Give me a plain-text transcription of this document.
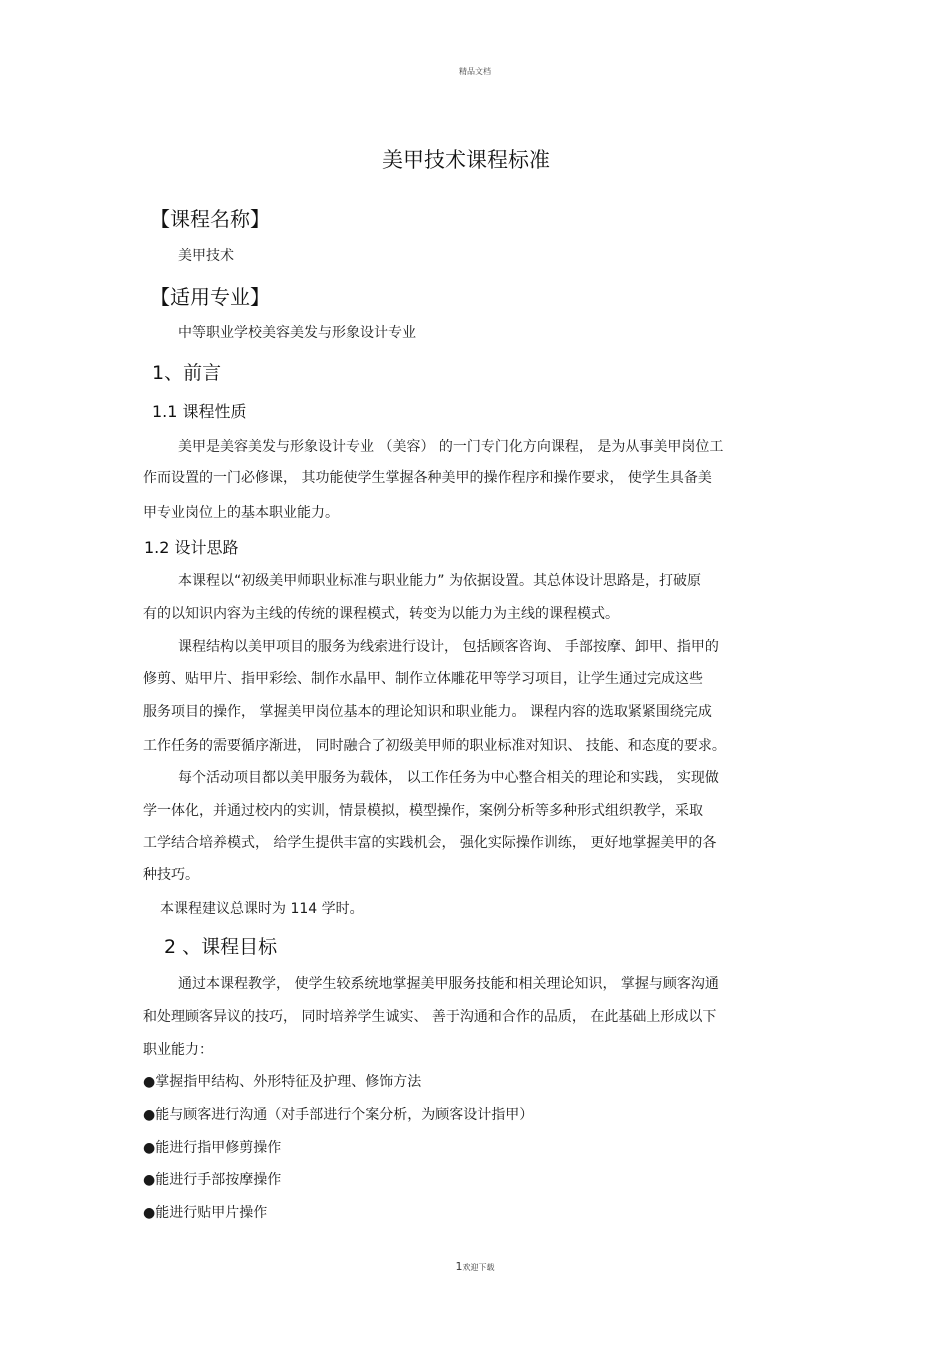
精品文档
美甲技术课程标准
【课程名称】
美甲技术
【适用专业】
中等职业学校美容美发与形象设计专业
1、前言
1.1 课程性质
美甲是美容美发与形象设计专业 （美容） 的一门专门化方向课程， 是为从事美甲岗位工
作而设置的一门必修课， 其功能使学生掌握各种美甲的操作程序和操作要求， 使学生具备美
甲专业岗位上的基本职业能力。
1.2 设计思路
本课程以“初级美甲师职业标准与职业能力” 为依据设置。其总体设计思路是，打破原
有的以知识内容为主线的传统的课程模式，转变为以能力为主线的课程模式。
课程结构以美甲项目的服务为线索进行设计， 包括顾客咨询、 手部按摩、卸甲、指甲的
修剪、贴甲片、指甲彩绘、制作水晶甲、制作立体雕花甲等学习项目，让学生通过完成这些
服务项目的操作， 掌握美甲岗位基本的理论知识和职业能力。 课程内容的选取紧紧围绕完成
工作任务的需要循序渐进， 同时融合了初级美甲师的职业标准对知识、 技能、和态度的要求。
每个活动项目都以美甲服务为载体， 以工作任务为中心整合相关的理论和实践， 实现做
学一体化，并通过校内的实训，情景模拟，模型操作，案例分析等多种形式组织教学，采取
工学结合培养模式， 给学生提供丰富的实践机会， 强化实际操作训练， 更好地掌握美甲的各
种技巧。
本课程建议总课时为 114 学时。
2 、课程目标
通过本课程教学， 使学生较系统地掌握美甲服务技能和相关理论知识， 掌握与顾客沟通
和处理顾客异议的技巧， 同时培养学生诚实、 善于沟通和合作的品质， 在此基础上形成以下
职业能力：
●掌握指甲结构、外形特征及护理、修饰方法
●能与顾客进行沟通（对手部进行个案分析，为顾客设计指甲）
●能进行指甲修剪操作
●能进行手部按摩操作
●能进行贴甲片操作
1欢迎下载
